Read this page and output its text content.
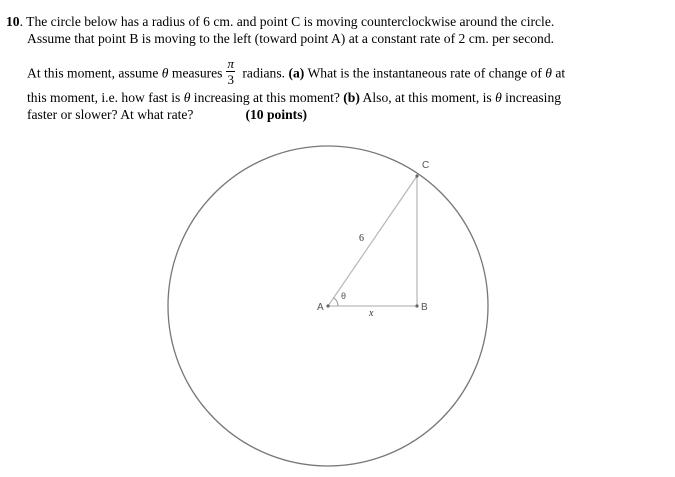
10. The circle below has a radius of 6 cm. and point C is moving counterclockwise around the circle.
Assume that point B is moving to the left (toward point A) at a constant rate of 2 cm. per second.
At this moment, assume θ measures $\frac{\pi}{3}$ radians. (a) What is the instantaneous rate of change of θ at
this moment, i.e. how fast is θ increasing at this moment? (b) Also, at this moment, is θ increasing
faster or slower? At what rate?	(10 points)
C
A	B
θ
6
x
